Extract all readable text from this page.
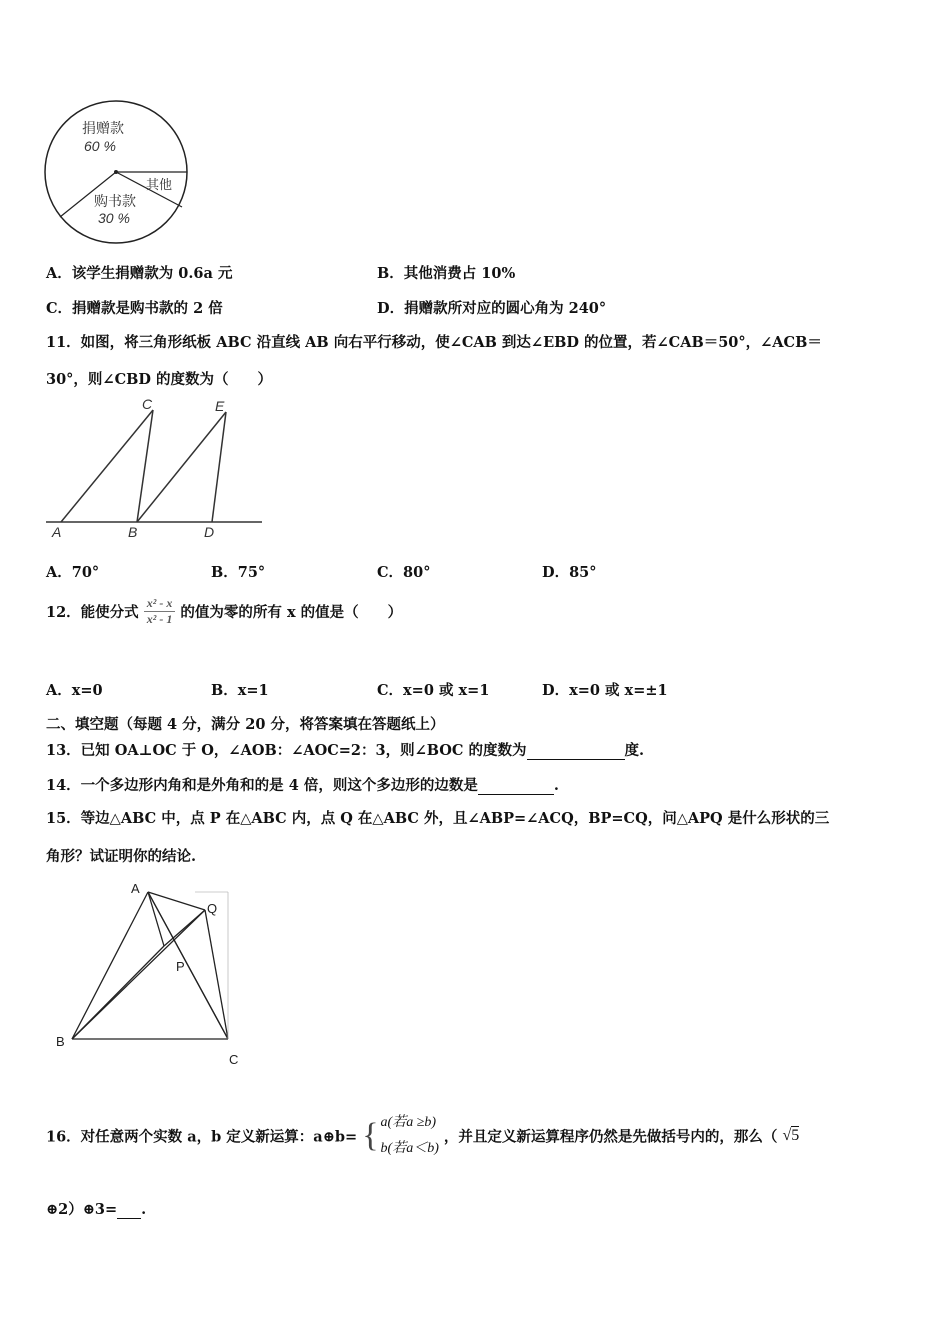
捐赠款
60 %
其他
购书款
30 %
A．该学生捐赠款为 0.6a 元	B．其他消费占 10%
C．捐赠款是购书款的 2 倍	D．捐赠款所对应的圆心角为 240°
11．如图，将三角形纸板 ABC 沿直线 AB 向右平行移动，使∠CAB 到达∠EBD 的位置，若∠CAB＝50°，∠ACB＝
30°，则∠CBD 的度数为（　　）
C	E
A	B	D
A．70°	B．75°	C．80°	D．85°
12．能使分式 $\frac{\text{x² - x}}{\text{x² - 1}}$ 的值为零的所有 x 的值是（　　）
A．x=0	B．x=1	C．x=0 或 x=1	D．x=0 或 x=±1
二、填空题（每题 4 分，满分 20 分，将答案填在答题纸上）
13．已知 OA⊥OC 于 O，∠AOB：∠AOC=2：3，则∠BOC 的度数为	度.
14．一个多边形内角和是外角和的是 4 倍，则这个多边形的边数是	.
15．等边△ABC 中，点 P 在△ABC 内，点 Q 在△ABC 外，且∠ABP=∠ACQ，BP=CQ，问△APQ 是什么形状的三
角形？试证明你的结论.
A
Q
P
B
C
16．对任意两个实数 a，b 定义新运算：a⊕b= { a(若a ≥b)
b(若a＜b)
，并且定义新运算程序仍然是先做括号内的，那么（ √5
⊕2）⊕3= .
